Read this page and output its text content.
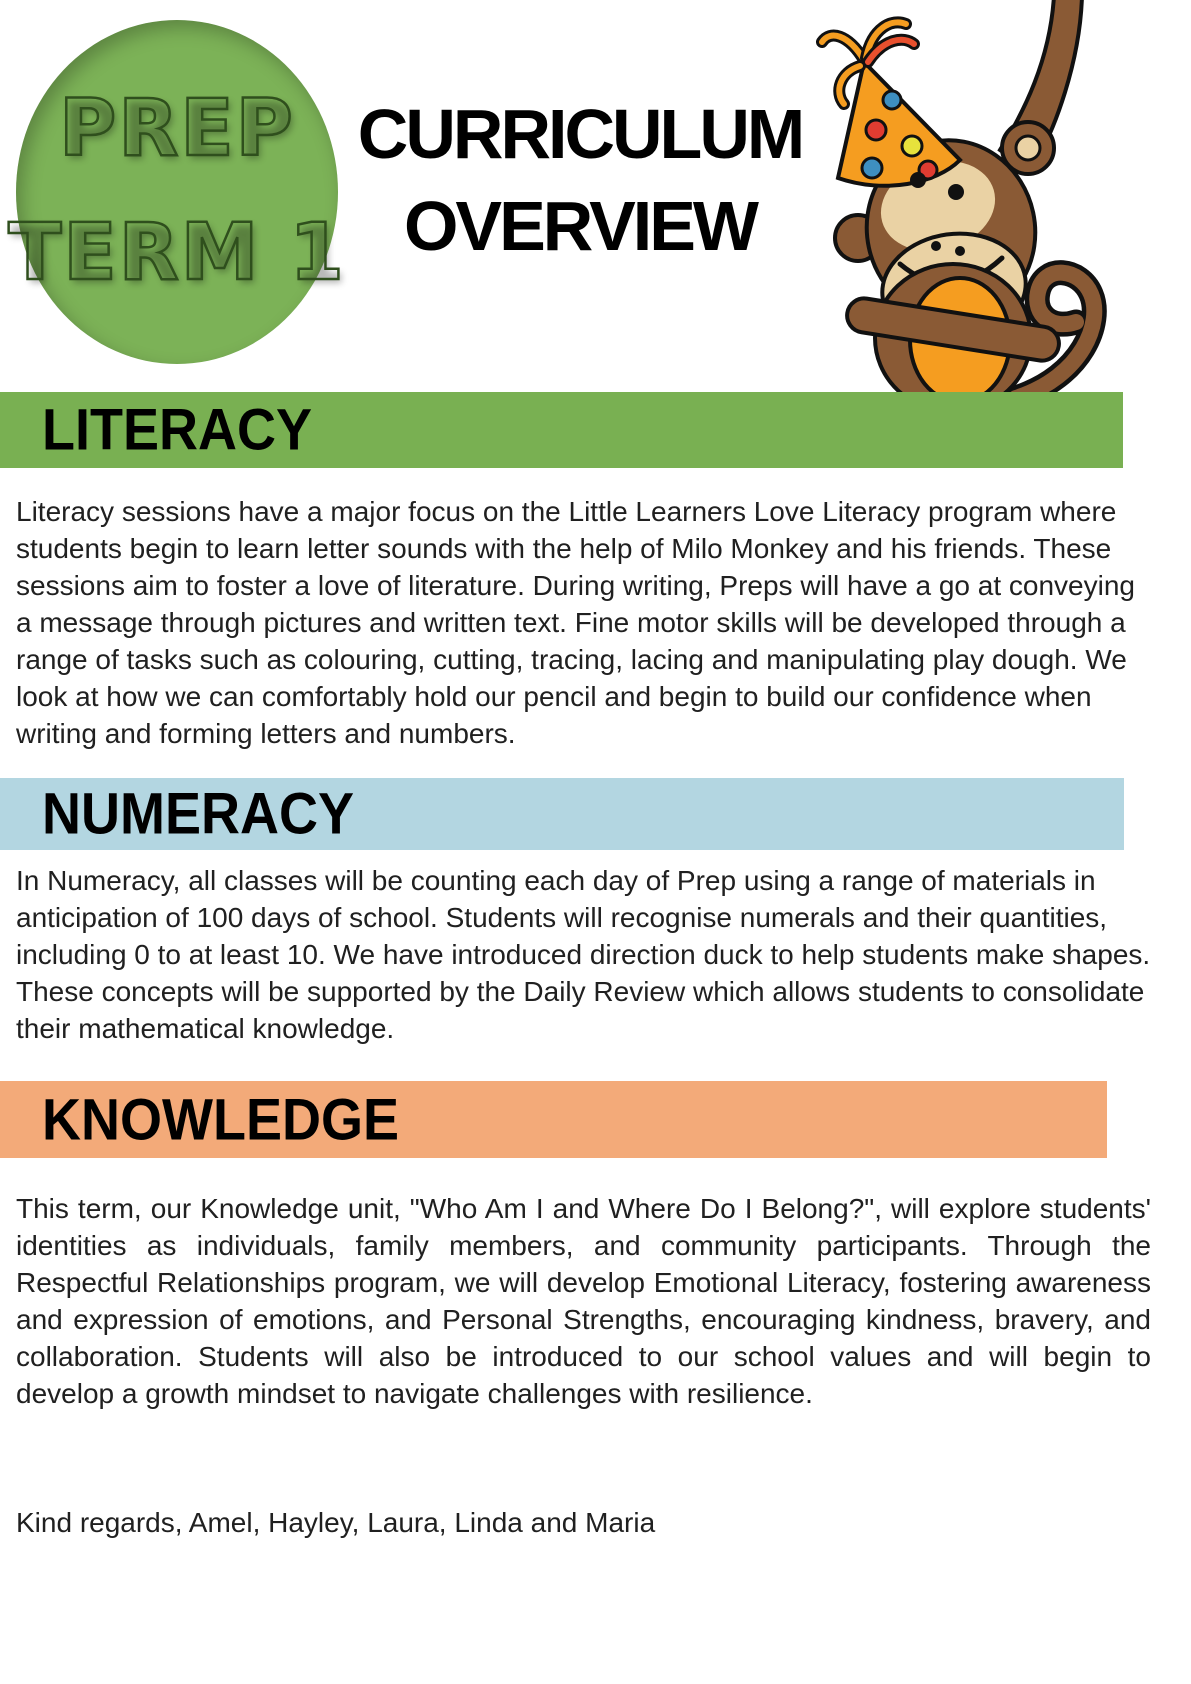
PREP
TERM 1
CURRICULUM
OVERVIEW
LITERACY

Literacy sessions have a major focus on the Little Learners Love Literacy program where students begin to learn letter sounds with the help of Milo Monkey and his friends. These sessions aim to foster a love of literature. During writing, Preps will have a go at conveying a message through pictures and written text. Fine motor skills will be developed through a range of tasks such as colouring, cutting, tracing, lacing and manipulating play dough. We look at how we can comfortably hold our pencil and begin to build our confidence when writing and forming letters and numbers.

NUMERACY

In Numeracy, all classes will be counting each day of Prep using a range of materials in anticipation of 100 days of school. Students will recognise numerals and their quantities, including 0 to at least 10. We have introduced direction duck to help students make shapes. These concepts will be supported by the Daily Review which allows students to consolidate their mathematical knowledge.

KNOWLEDGE

This term, our Knowledge unit, "Who Am I and Where Do I Belong?", will explore students' identities as individuals, family members, and community participants. Through the Respectful Relationships program, we will develop Emotional Literacy, fostering awareness and expression of emotions, and Personal Strengths, encouraging kindness, bravery, and collaboration. Students will also be introduced to our school values and will begin to develop a growth mindset to navigate challenges with resilience.

Kind regards, Amel, Hayley, Laura, Linda and Maria
